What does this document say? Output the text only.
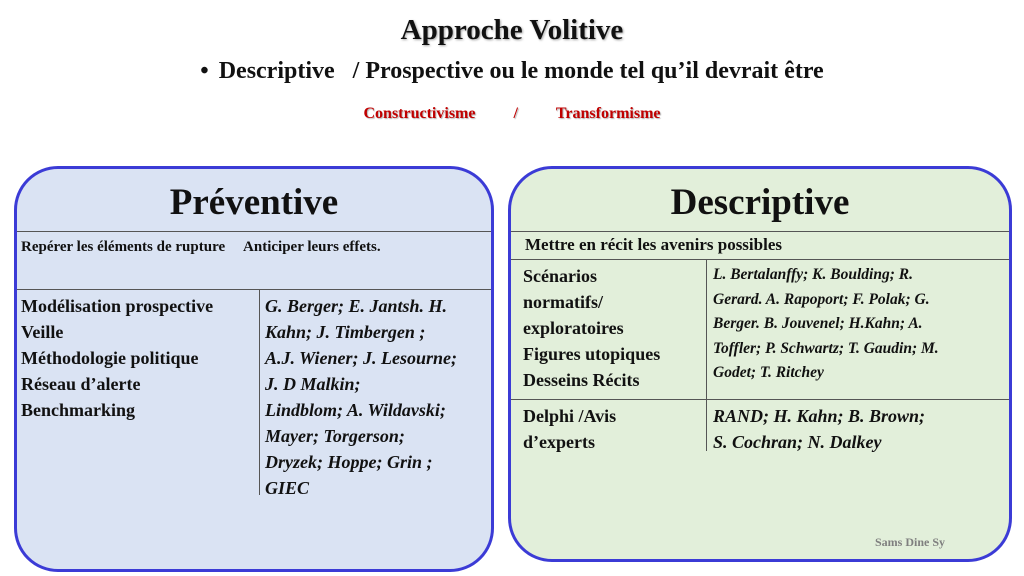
Approche Volitive
• Descriptive   / Prospective ou le monde tel qu’il devrait être
Constructivisme / Transformisme
Préventive
Repérer les éléments de rupture     Anticiper leurs effets.
Modélisation prospective
Veille
Méthodologie politique
Réseau d’alerte
Benchmarking
G. Berger; E. Jantsh. H.
Kahn; J. Timbergen ;
A.J. Wiener; J. Lesourne;
J. D Malkin;
Lindblom; A. Wildavski;
Mayer; Torgerson;
Dryzek; Hoppe; Grin ;
GIEC
Descriptive
Mettre en récit les avenirs possibles
Scénarios
normatifs/
exploratoires
Figures utopiques
Desseins Récits
L. Bertalanffy; K. Boulding; R.
Gerard. A. Rapoport; F. Polak; G.
Berger. B. Jouvenel; H.Kahn; A.
Toffler; P. Schwartz; T. Gaudin; M.
Godet; T. Ritchey
Delphi /Avis
d’experts
RAND; H. Kahn; B. Brown;
S. Cochran; N. Dalkey
Sams Dine Sy
